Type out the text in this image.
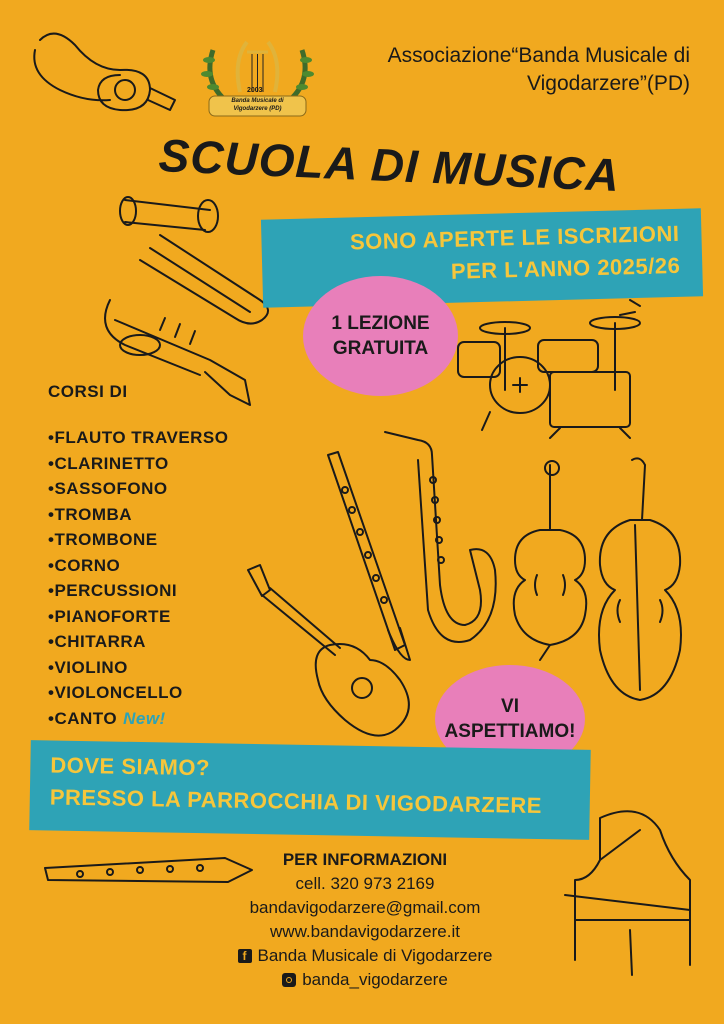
2003
Banda Musicale di
Vigodarzere (PD)
Associazione“Banda Musicale di
Vigodarzere”(PD)
SCUOLA DI MUSICA
SONO APERTE LE ISCRIZIONI
PER L'ANNO 2025/26
1 LEZIONE
GRATUITA
CORSI DI
•FLAUTO TRAVERSO
•CLARINETTO
•SASSOFONO
•TROMBA
•TROMBONE
•CORNO
•PERCUSSIONI
•PIANOFORTE
•CHITARRA
•VIOLINO
•VIOLONCELLO
•CANTO New!
VI
ASPETTIAMO!
DOVE SIAMO?
PRESSO LA PARROCCHIA DI VIGODARZERE
PER INFORMAZIONI
cell. 320 973 2169
bandavigodarzere@gmail.com
www.bandavigodarzere.it
f Banda Musicale di Vigodarzere
banda_vigodarzere
